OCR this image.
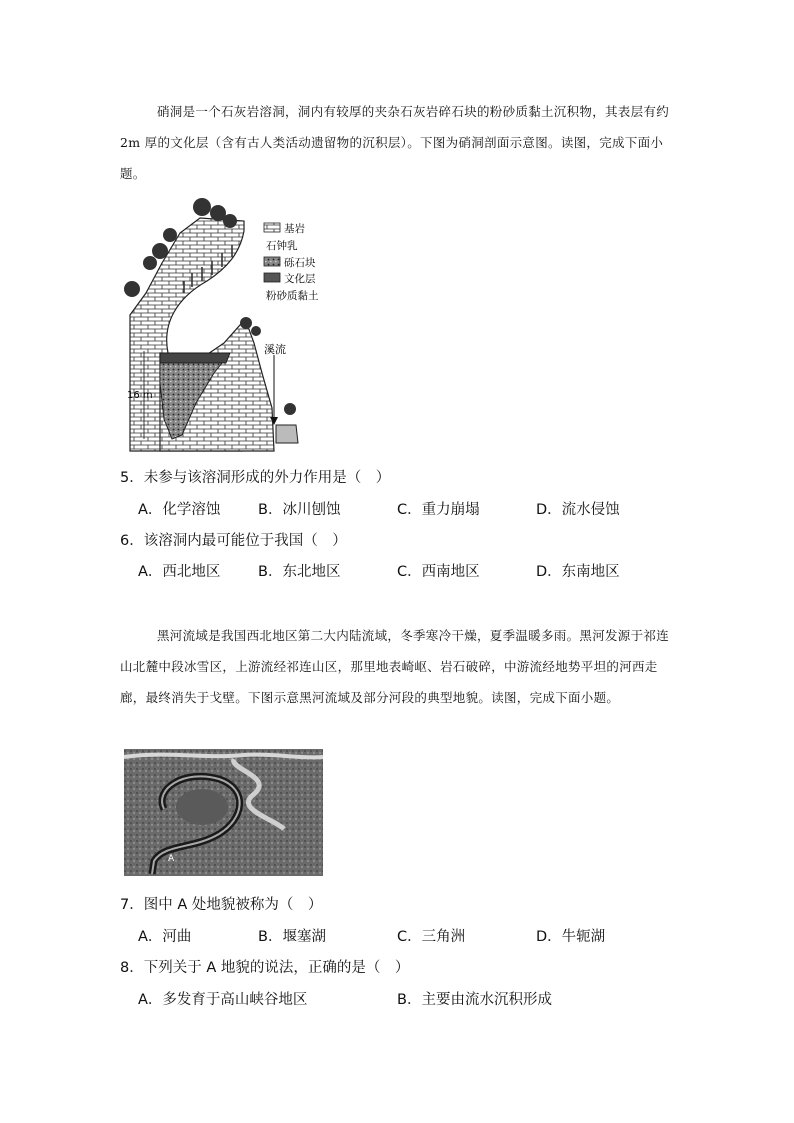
硝洞是一个石灰岩溶洞，洞内有较厚的夹杂石灰岩碎石块的粉砂质黏土沉积物，其表层有约 2m 厚的文化层（含有古人类活动遗留物的沉积层）。下图为硝洞剖面示意图。读图，完成下面小题。

溪流
16 m
基岩
石钟乳
砾石块
文化层
粉砂质黏土
5．未参与该溶洞形成的外力作用是（　）
A．化学溶蚀	B．冰川刨蚀	C．重力崩塌	D．流水侵蚀
6．该溶洞内最可能位于我国（　）
A．西北地区	B．东北地区	C．西南地区	D．东南地区

黑河流域是我国西北地区第二大内陆流域，冬季寒冷干燥，夏季温暖多雨。黑河发源于祁连山北麓中段冰雪区，上游流经祁连山区，那里地表崎岖、岩石破碎，中游流经地势平坦的河西走廊，最终消失于戈壁。下图示意黑河流域及部分河段的典型地貌。读图，完成下面小题。

A
7．图中 A 处地貌被称为（　）
A．河曲	B．堰塞湖	C．三角洲	D．牛轭湖
8．下列关于 A 地貌的说法，正确的是（　）
A．多发育于高山峡谷地区	B．主要由流水沉积形成
